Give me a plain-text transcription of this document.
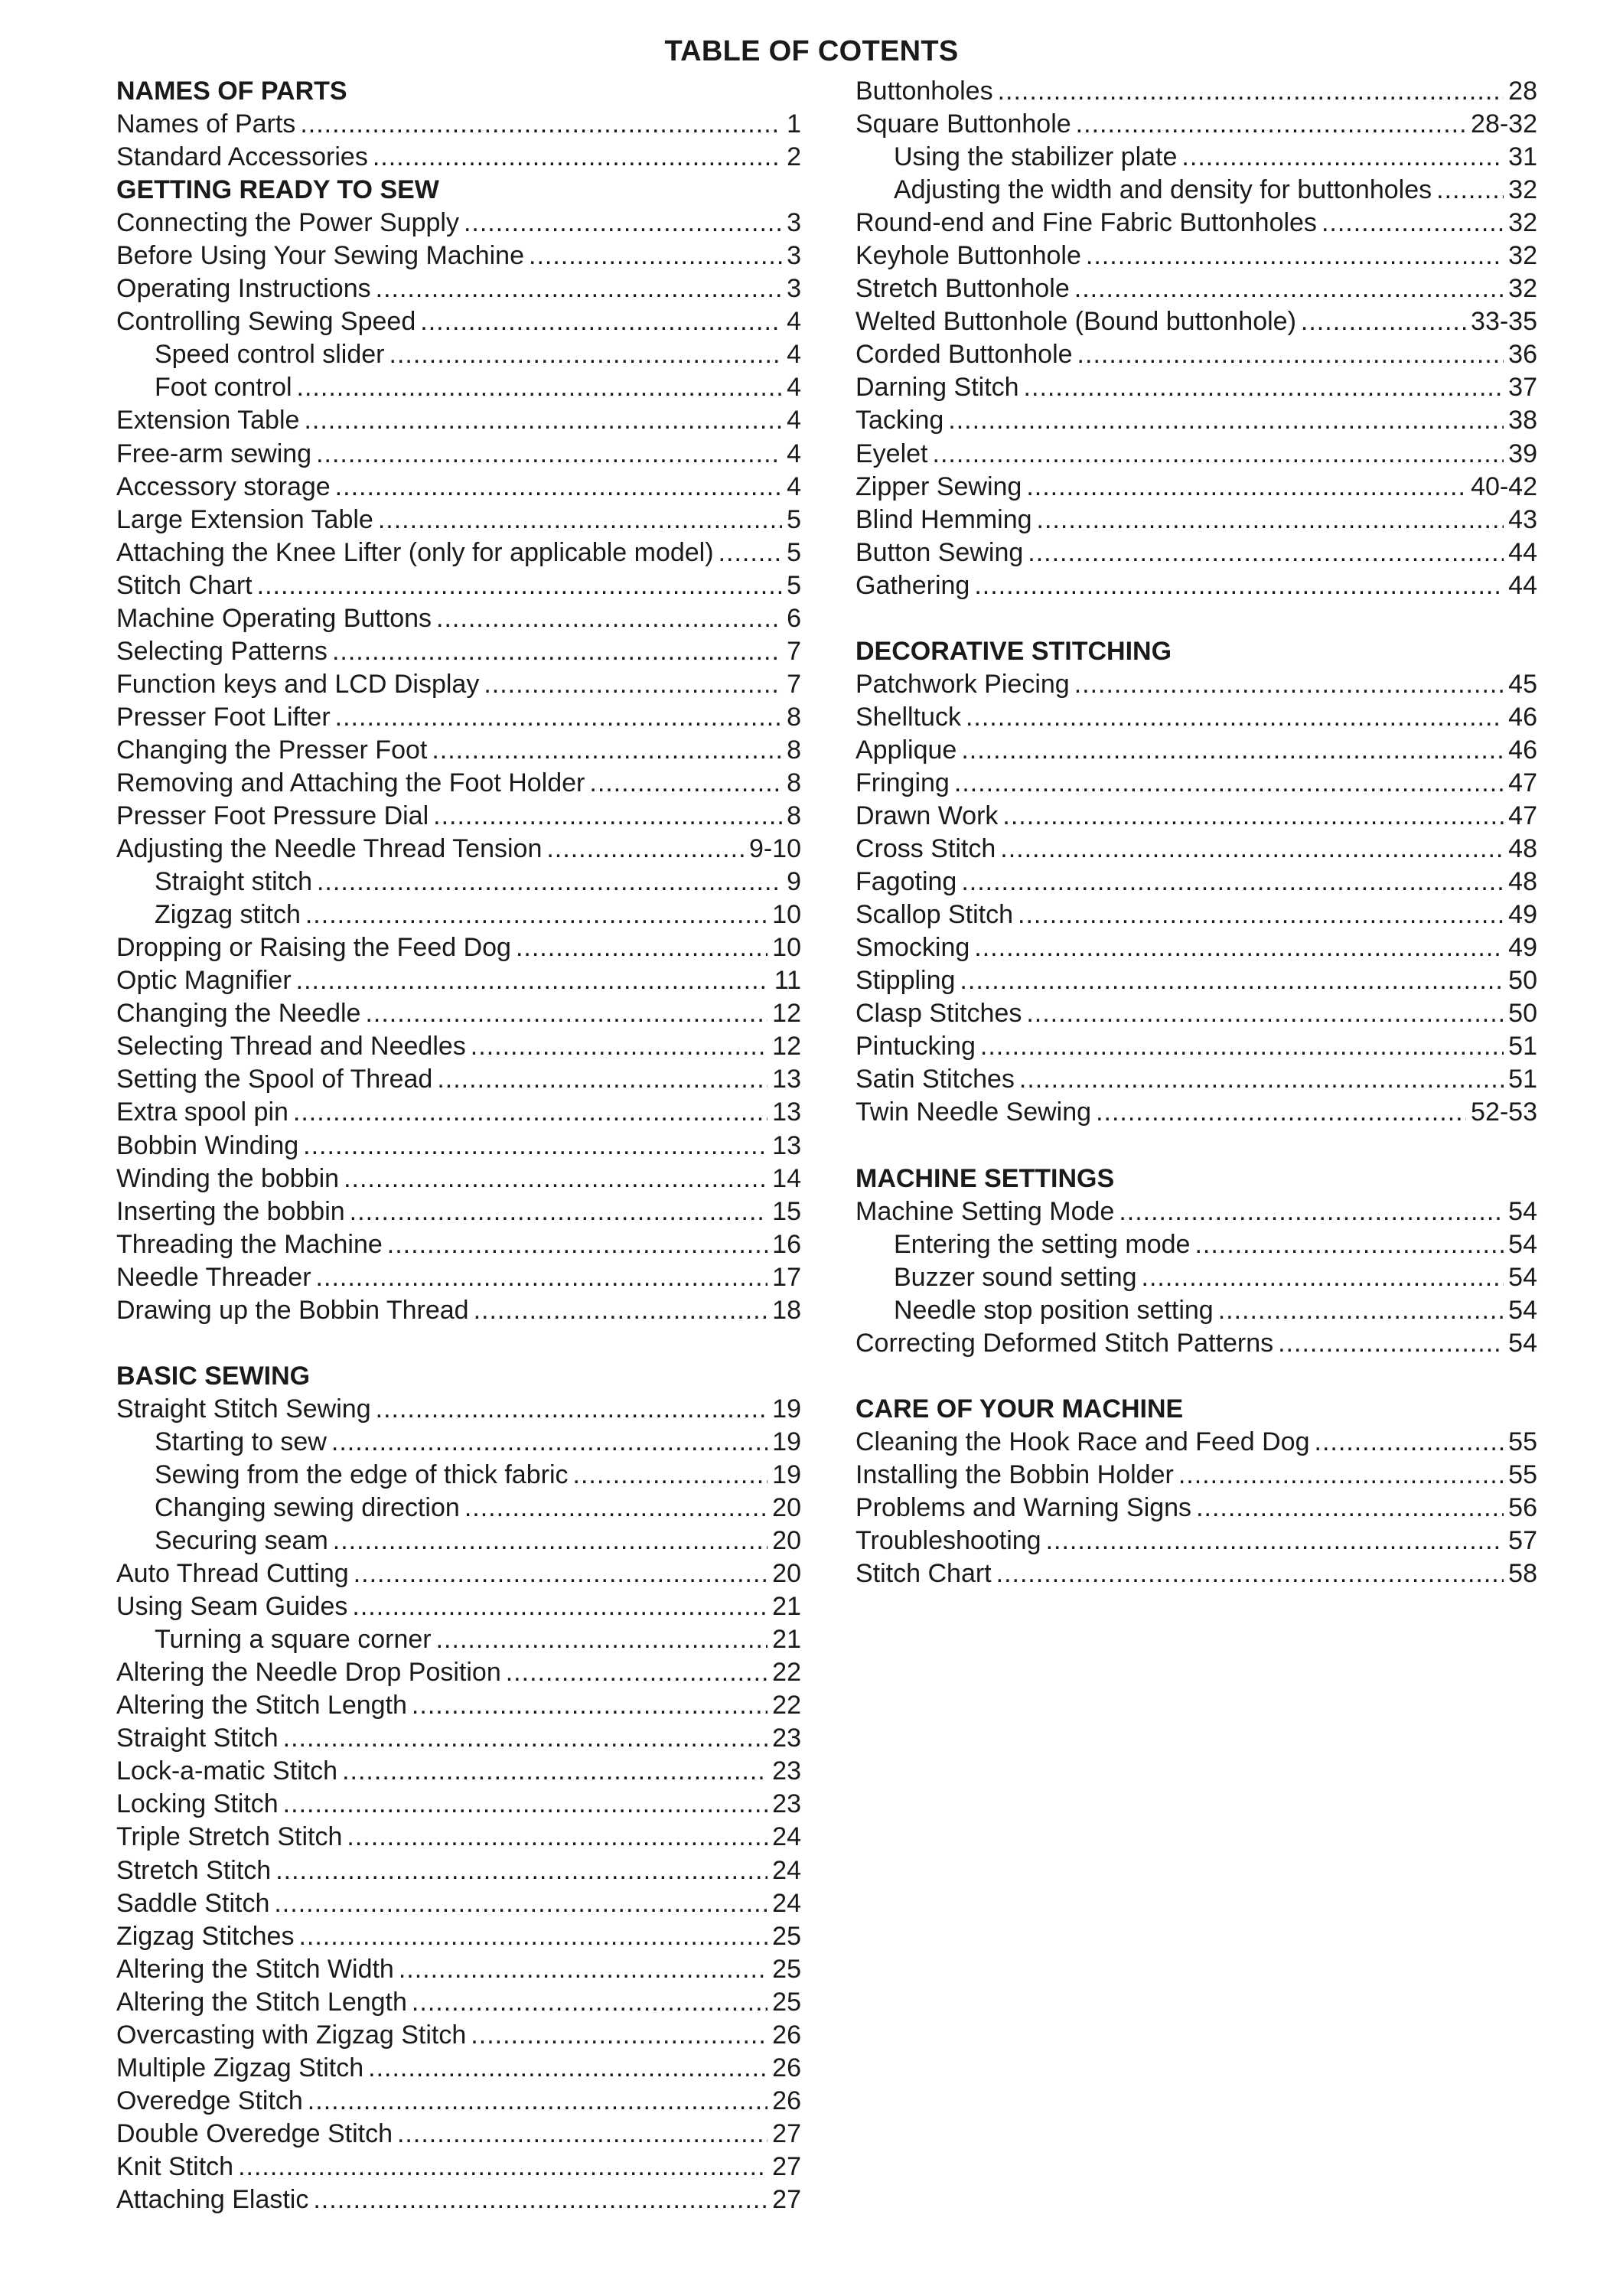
TABLE OF COTENTS
NAMES OF PARTS
Names of Parts .....	1
Standard Accessories .....	2
GETTING READY TO SEW
Connecting the Power Supply .....	3
Before Using Your Sewing Machine .....	3
Operating Instructions .....	3
Controlling Sewing Speed .....	4
Speed control slider .....	4
Foot control .....	4
Extension Table .....	4
Free-arm sewing .....	4
Accessory storage .....	4
Large Extension Table .....	5
Attaching the Knee Lifter (only for applicable model) .....	5
Stitch Chart .....	5
Machine Operating Buttons .....	6
Selecting Patterns .....	7
Function keys and LCD Display .....	7
Presser Foot Lifter .....	8
Changing the Presser Foot .....	8
Removing and Attaching the Foot Holder .....	8
Presser Foot Pressure Dial .....	8
Adjusting the Needle Thread Tension .....	9-10
Straight stitch .....	9
Zigzag stitch .....	10
Dropping or Raising the Feed Dog .....	10
Optic Magnifier .....	11
Changing the Needle .....	12
Selecting Thread and Needles .....	12
Setting the Spool of Thread .....	13
Extra spool pin .....	13
Bobbin Winding .....	13
Winding the bobbin .....	14
Inserting the bobbin .....	15
Threading the Machine .....	16
Needle Threader .....	17
Drawing up the Bobbin Thread .....	18
BASIC SEWING
Straight Stitch Sewing .....	19
Starting to sew .....	19
Sewing from the edge of thick fabric .....	19
Changing sewing direction .....	20
Securing seam .....	20
Auto Thread Cutting .....	20
Using Seam Guides .....	21
Turning a square corner .....	21
Altering the Needle Drop Position .....	22
Altering the Stitch Length .....	22
Straight Stitch .....	23
Lock-a-matic Stitch .....	23
Locking Stitch .....	23
Triple Stretch Stitch .....	24
Stretch Stitch .....	24
Saddle Stitch .....	24
Zigzag Stitches .....	25
Altering the Stitch Width .....	25
Altering the Stitch Length .....	25
Overcasting with Zigzag Stitch .....	26
Multiple Zigzag Stitch .....	26
Overedge Stitch .....	26
Double Overedge Stitch .....	27
Knit Stitch .....	27
Attaching Elastic .....	27
Buttonholes .....	28
Square Buttonhole .....	28-32
Using the stabilizer plate .....	31
Adjusting the width and density for buttonholes .....	32
Round-end and Fine Fabric Buttonholes .....	32
Keyhole Buttonhole .....	32
Stretch Buttonhole .....	32
Welted Buttonhole (Bound buttonhole) .....	33-35
Corded Buttonhole .....	36
Darning Stitch .....	37
Tacking .....	38
Eyelet .....	39
Zipper Sewing .....	40-42
Blind Hemming .....	43
Button Sewing .....	44
Gathering .....	44
DECORATIVE STITCHING
Patchwork Piecing .....	45
Shelltuck .....	46
Applique .....	46
Fringing .....	47
Drawn Work .....	47
Cross Stitch .....	48
Fagoting .....	48
Scallop Stitch .....	49
Smocking .....	49
Stippling .....	50
Clasp Stitches .....	50
Pintucking .....	51
Satin Stitches .....	51
Twin Needle Sewing .....	52-53
MACHINE SETTINGS
Machine Setting Mode .....	54
Entering the setting mode .....	54
Buzzer sound setting .....	54
Needle stop position setting .....	54
Correcting Deformed Stitch Patterns .....	54
CARE OF YOUR MACHINE
Cleaning the Hook Race and Feed Dog .....	55
Installing the Bobbin Holder .....	55
Problems and Warning Signs .....	56
Troubleshooting .....	57
Stitch Chart .....	58
